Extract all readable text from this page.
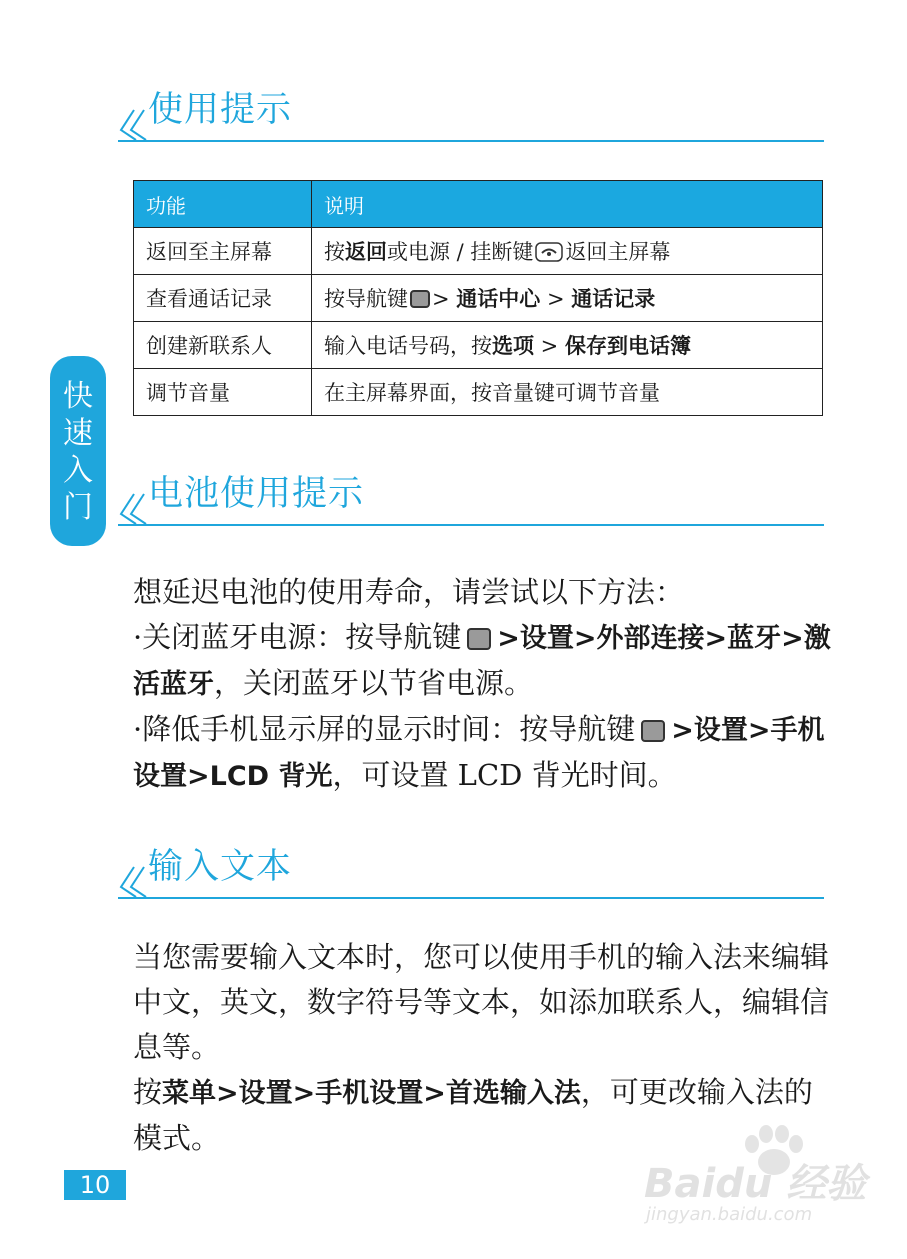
使用提示
功能	说明
返回至主屏幕	按返回或电源 / 挂断键 返回主屏幕
查看通话记录	按导航键 > 通话中心 > 通话记录
创建新联系人	输入电话号码，按选项 > 保存到电话簿
调节音量	在主屏幕界面，按音量键可调节音量
快
速
入
门	电池使用提示
想延迟电池的使用寿命，请尝试以下方法：
·关闭蓝牙电源：按导航键 >设置>外部连接>蓝牙>激活蓝牙，关闭蓝牙以节省电源。
·降低手机显示屏的显示时间：按导航键 >设置>手机设置>LCD 背光，可设置 LCD 背光时间。
输入文本
当您需要输入文本时，您可以使用手机的输入法来编辑中文，英文，数字符号等文本，如添加联系人，编辑信息等。
按菜单>设置>手机设置>首选输入法，可更改输入法的模式。
10	Baidu 经验
jingyan.baidu.com
